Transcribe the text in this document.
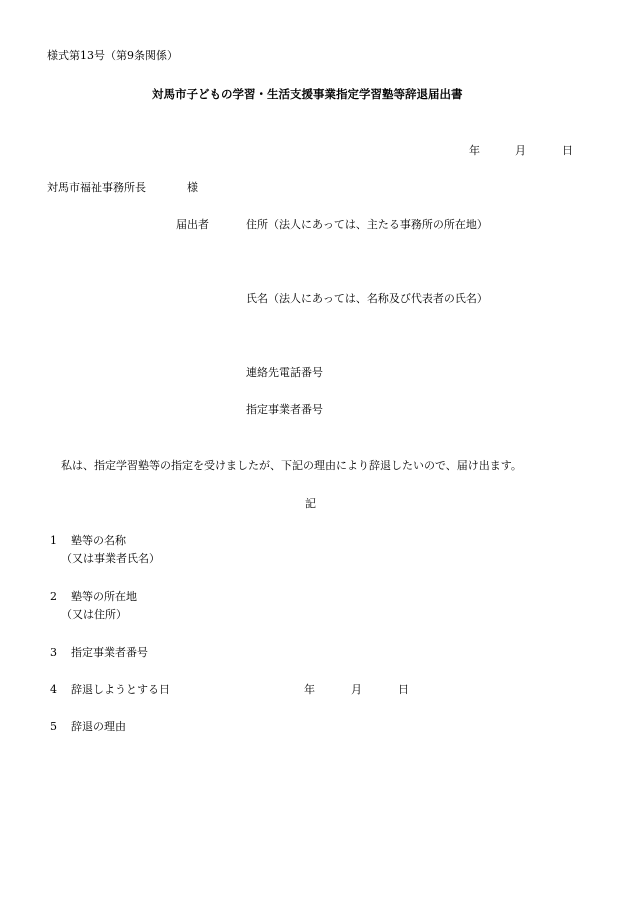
様式第13号（第9条関係）
対馬市子どもの学習・生活支援事業指定学習塾等辞退届出書
年	月	日
対馬市福祉事務所長	様
届出者	住所（法人にあっては、主たる事務所の所在地）
氏名（法人にあっては、名称及び代表者の氏名）
連絡先電話番号
指定事業者番号
私は、指定学習塾等の指定を受けましたが、下記の理由により辞退したいので、届け出ます。
記
1 塾等の名称
（又は事業者氏名）
2 塾等の所在地
（又は住所）
3 指定事業者番号
4 辞退しようとする日	年	月	日
5 辞退の理由
